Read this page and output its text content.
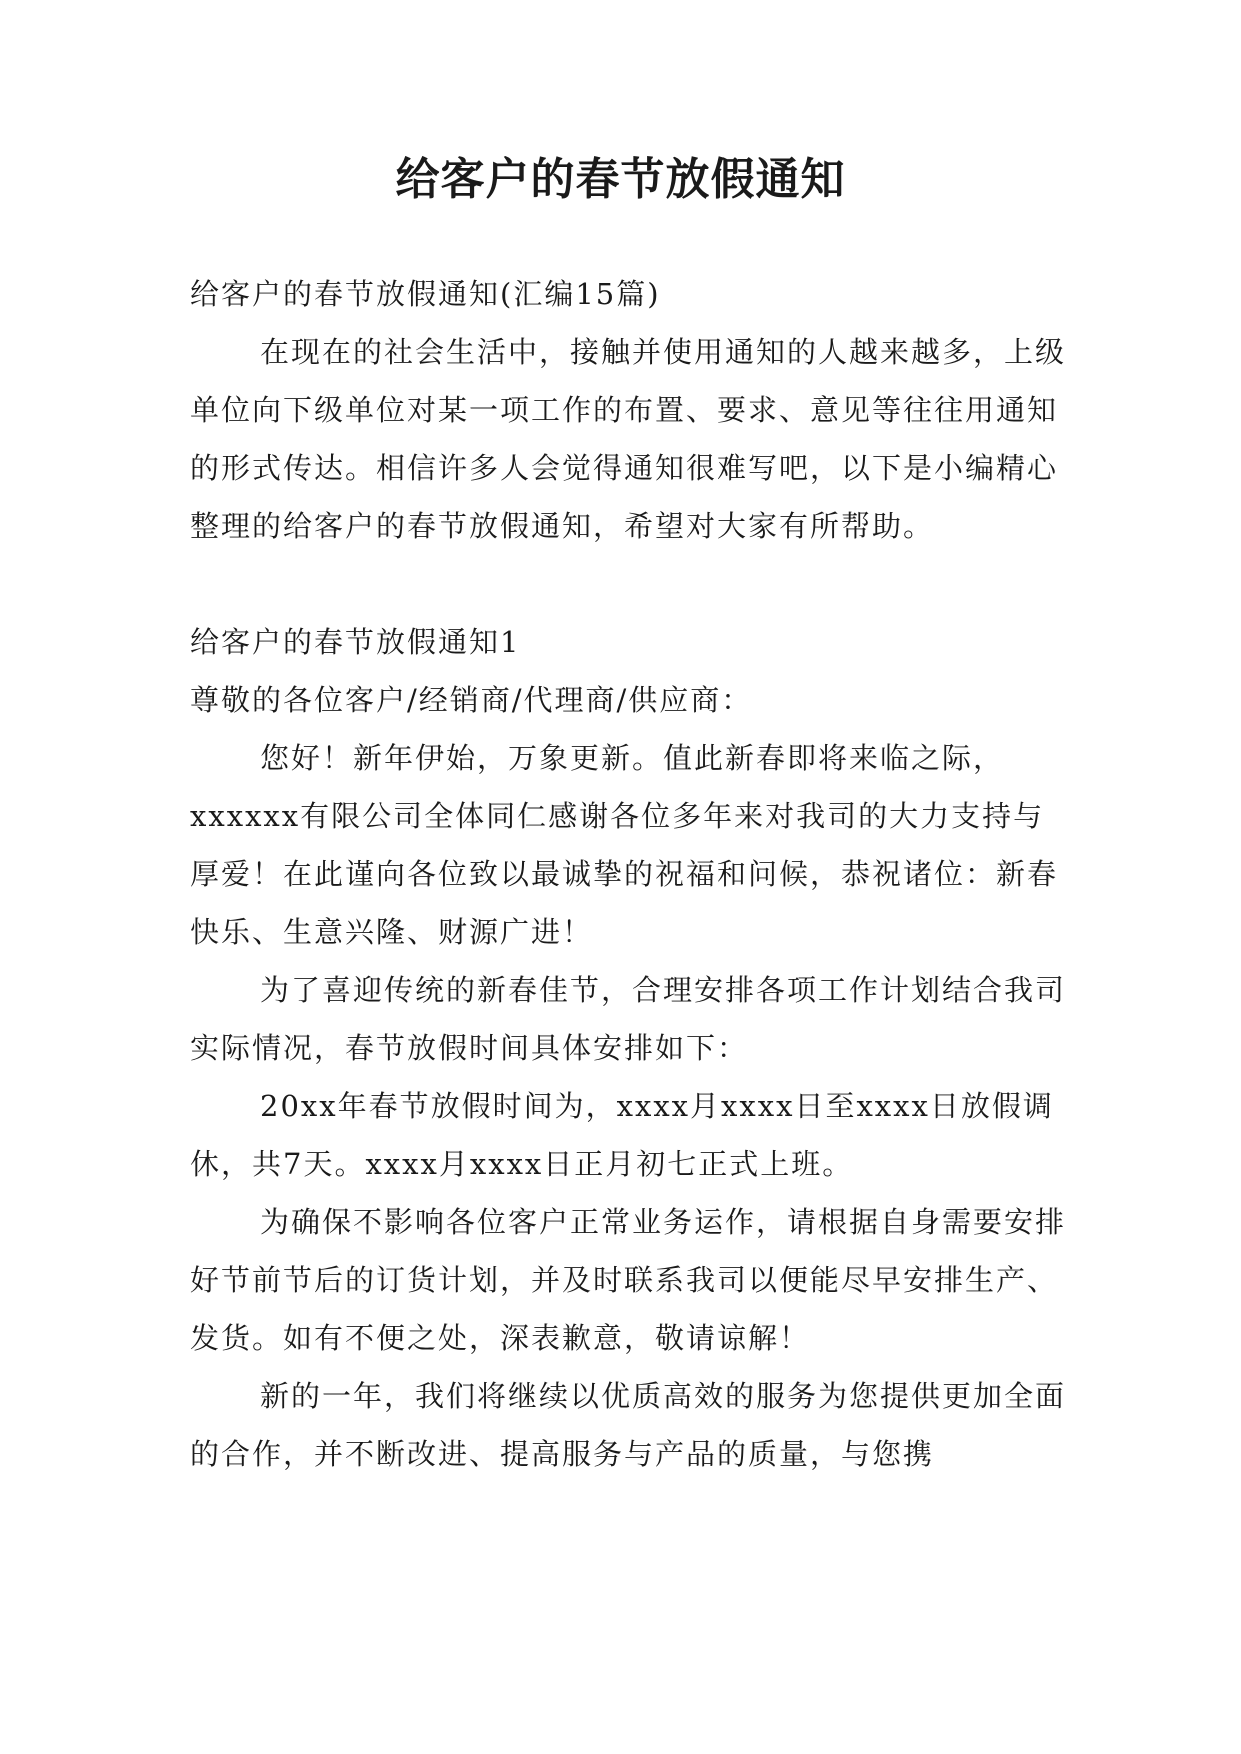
给客户的春节放假通知

给客户的春节放假通知(汇编15篇)

在现在的社会生活中，接触并使用通知的人越来越多，上级单位向下级单位对某一项工作的布置、要求、意见等往往用通知的形式传达。相信许多人会觉得通知很难写吧，以下是小编精心整理的给客户的春节放假通知，希望对大家有所帮助。

给客户的春节放假通知1

尊敬的各位客户/经销商/代理商/供应商：

您好！新年伊始，万象更新。值此新春即将来临之际，xxxxxx有限公司全体同仁感谢各位多年来对我司的大力支持与厚爱！在此谨向各位致以最诚挚的祝福和问候，恭祝诸位：新春快乐、生意兴隆、财源广进！

为了喜迎传统的新春佳节，合理安排各项工作计划结合我司实际情况，春节放假时间具体安排如下：

20xx年春节放假时间为，xxxx月xxxx日至xxxx日放假调休，共7天。xxxx月xxxx日正月初七正式上班。

为确保不影响各位客户正常业务运作，请根据自身需要安排好节前节后的订货计划，并及时联系我司以便能尽早安排生产、发货。如有不便之处，深表歉意，敬请谅解！

新的一年，我们将继续以优质高效的服务为您提供更加全面的合作，并不断改进、提高服务与产品的质量，与您携
